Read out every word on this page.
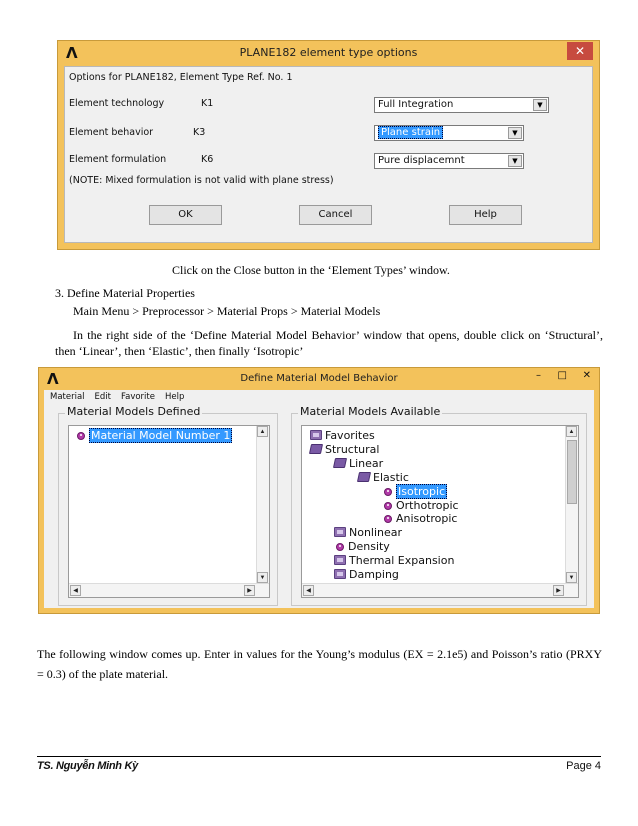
Λ	PLANE182 element type options	✕
Options for PLANE182, Element Type Ref. No. 1
Element technology	K1	Full Integration	▼
Element behavior	K3	Plane strain	▼
Element formulation	K6	Pure displacemnt	▼
(NOTE: Mixed formulation is not valid with plane stress)
OK	Cancel	Help
Click on the Close button in the ‘Element Types’ window.
3. Define Material Properties
Main Menu > Preprocessor > Material Props > Material Models
In the right side of the ‘Define Material Model Behavior’ window that opens, double click on ‘Structural’, then ‘Linear’, then ‘Elastic’, then finally ‘Isotropic’
Λ	Define Material Model Behavior	– □ ✕
Material Edit Favorite Help
Material Models Defined
Material Model Number 1	▲
▼
◀	▶
Material Models Available
Favorites
Structural
Linear
Elastic
Isotropic
Orthotropic
Anisotropic
Nonlinear
Density
Thermal Expansion
Damping
▲
▼
◀	▶
The following window comes up. Enter in values for the Young’s modulus (EX = 2.1e5) and Poisson’s ratio (PRXY = 0.3) of the plate material.
TS. Nguyễn Minh Kỳ	Page 4
